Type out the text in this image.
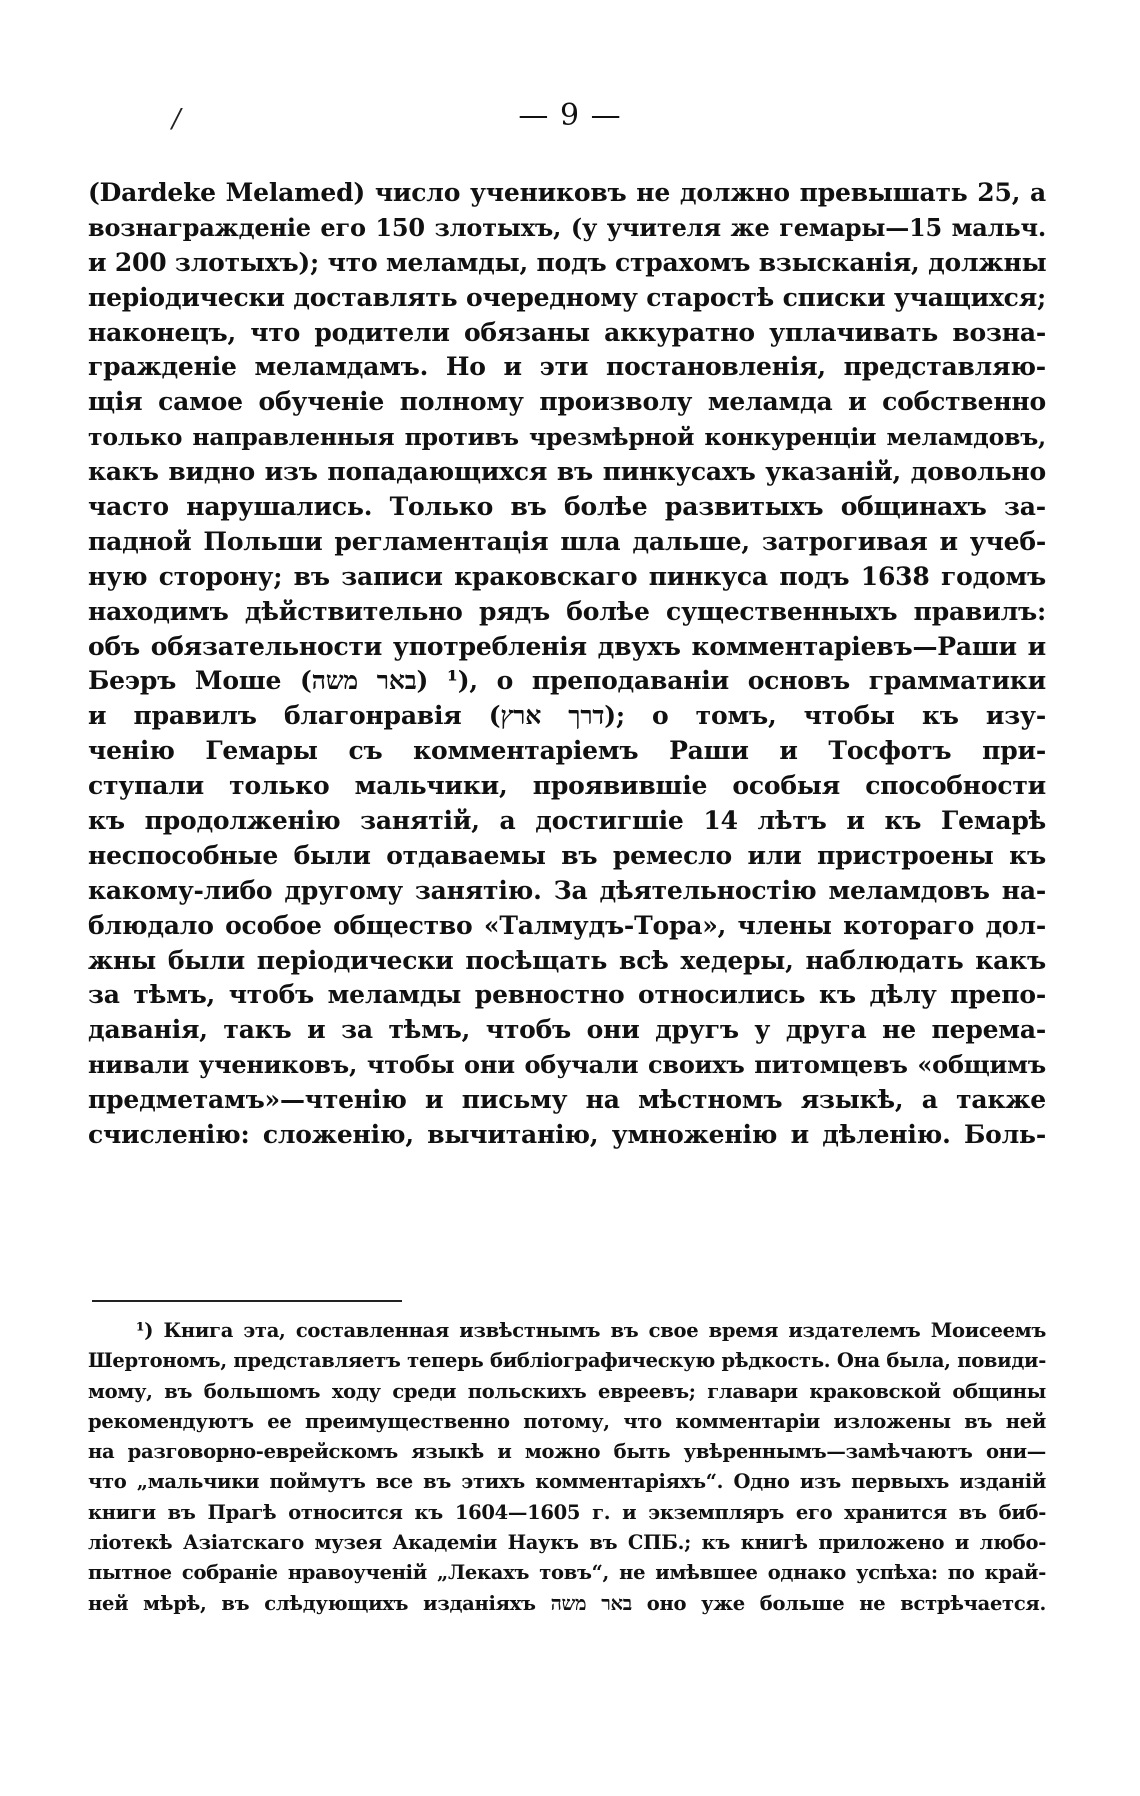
/	— 9 —
(Dardeke Melamed) число учениковъ не должно превышать 25, а
вознагражденіе его 150 злотыхъ, (у учителя же гемары—15 мальч.
и 200 злотыхъ); что меламды, подъ страхомъ взысканія, должны
періодически доставлять очередному старостѣ списки учащихся;
наконецъ, что родители обязаны аккуратно уплачивать возна-
гражденіе меламдамъ. Но и эти постановленія, представляю-
щія самое обученіе полному произволу меламда и собственно
только направленныя противъ чрезмѣрной конкуренціи меламдовъ,
какъ видно изъ попадающихся въ пинкусахъ указаній, довольно
часто нарушались. Только въ болѣе развитыхъ общинахъ за-
падной Польши регламентація шла дальше, затрогивая и учеб-
ную сторону; въ записи краковскаго пинкуса подъ 1638 годомъ
находимъ дѣйствительно рядъ болѣе существенныхъ правилъ:
объ обязательности употребленія двухъ комментаріевъ—Раши и
Беэръ Моше (באר משה) ¹), о преподаваніи основъ грамматики
и правилъ благонравія (דרך ארץ); о томъ, чтобы къ изу-
ченію Гемары съ комментаріемъ Раши и Тосфотъ при-
ступали только мальчики, проявившіе особыя способности
къ продолженію занятій, а достигшіе 14 лѣтъ и къ Гемарѣ
неспособные были отдаваемы въ ремесло или пристроены къ
какому-либо другому занятію. За дѣятельностію меламдовъ на-
блюдало особое общество «Талмудъ-Тора», члены котораго дол-
жны были періодически посѣщать всѣ хедеры, наблюдать какъ
за тѣмъ, чтобъ меламды ревностно относились къ дѣлу препо-
даванія, такъ и за тѣмъ, чтобъ они другъ у друга не перема-
нивали учениковъ, чтобы они обучали своихъ питомцевъ «общимъ
предметамъ»—чтенію и письму на мѣстномъ языкѣ, а также
счисленію: сложенію, вычитанію, умноженію и дѣленію. Боль-
¹) Книга эта, составленная извѣстнымъ въ свое время издателемъ Моисеемъ
Шертономъ, представляетъ теперь библіографическую рѣдкость. Она была, повиди-
мому, въ большомъ ходу среди польскихъ евреевъ; главари краковской общины
рекомендуютъ ее преимущественно потому, что комментаріи изложены въ ней
на разговорно-еврейскомъ языкѣ и можно быть увѣреннымъ—замѣчаютъ они—
что „мальчики поймутъ все въ этихъ комментаріяхъ“. Одно изъ первыхъ изданій
книги въ Прагѣ относится къ 1604—1605 г. и экземпляръ его хранится въ биб-
ліотекѣ Азіатскаго музея Академіи Наукъ въ СПБ.; къ книгѣ приложено и любо-
пытное собраніе нравоученій „Лекахъ товъ“, не имѣвшее однако успѣха: по край-
ней мѣрѣ, въ слѣдующихъ изданіяхъ באר משה оно уже больше не встрѣчается.
